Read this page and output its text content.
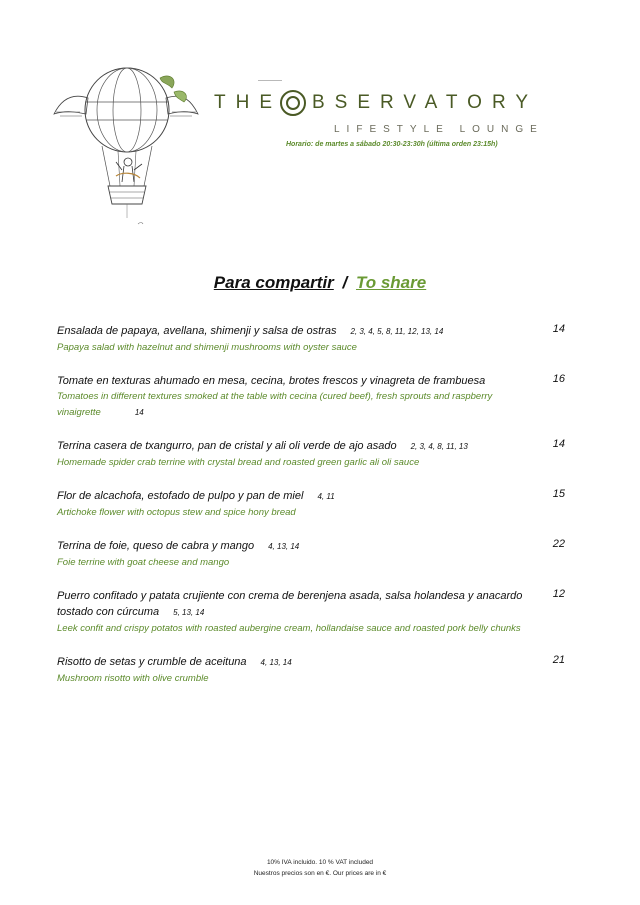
THE BSERVATORY
LIFESTYLE LOUNGE
Horario: de martes a sábado 20:30-23:30h (última orden 23:15h)
Para compartir / To share
Ensalada de papaya, avellana, shimenji y salsa de ostras 2, 3, 4, 5, 8, 11, 12, 13, 14
Papaya salad with hazelnut and shimenji mushrooms with oyster sauce
14
Tomate en texturas ahumado en mesa, cecina, brotes frescos y vinagreta de frambuesa
Tomatoes in different textures smoked at the table with cecina (cured beef), fresh sprouts and raspberry vinaigrette	14
16
Terrina casera de txangurro, pan de cristal y ali oli verde de ajo asado 2, 3, 4, 8, 11, 13
Homemade spider crab terrine with crystal bread and roasted green garlic ali oli sauce
14
Flor de alcachofa, estofado de pulpo y pan de miel 4, 11
Artichoke flower with octopus stew and spice hony bread
15
Terrina de foie, queso de cabra y mango 4, 13, 14
Foie terrine with goat cheese and mango
22
Puerro confitado y patata crujiente con crema de berenjena asada, salsa holandesa y anacardo tostado con cúrcuma 5, 13, 14
Leek confit and crispy potatos with roasted aubergine cream, hollandaise sauce and roasted pork belly chunks
12
Risotto de setas y crumble de aceituna 4, 13, 14
Mushroom risotto with olive crumble
21
10% IVA incluido. 10 % VAT included
Nuestros precios son en €. Our prices are in €
